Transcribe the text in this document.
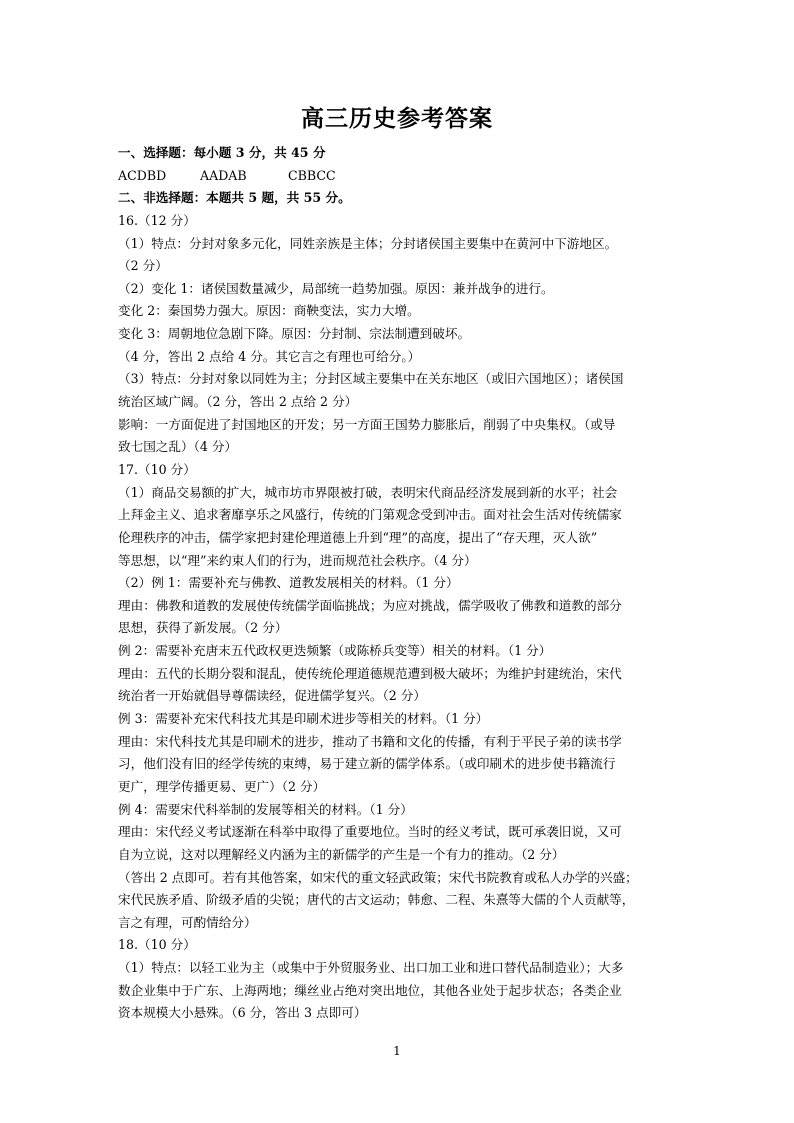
高三历史参考答案
一、选择题：每小题 3 分，共 45 分
ACDBD	AADAB	CBBCC
二、非选择题：本题共 5 题，共 55 分。
16.（12 分）
（1）特点：分封对象多元化，同姓亲族是主体；分封诸侯国主要集中在黄河中下游地区。
（2 分）
（2）变化 1：诸侯国数量减少，局部统一趋势加强。原因：兼并战争的进行。
变化 2：秦国势力强大。原因：商鞅变法，实力大增。
变化 3：周朝地位急剧下降。原因：分封制、宗法制遭到破坏。
（4 分，答出 2 点给 4 分。其它言之有理也可给分。）
（3）特点：分封对象以同姓为主；分封区域主要集中在关东地区（或旧六国地区）；诸侯国
统治区域广阔。（2 分，答出 2 点给 2 分）
影响：一方面促进了封国地区的开发；另一方面王国势力膨胀后，削弱了中央集权。（或导
致七国之乱）（4 分）
17.（10 分）
（1）商品交易额的扩大，城市坊市界限被打破，表明宋代商品经济发展到新的水平；社会
上拜金主义、追求奢靡享乐之风盛行，传统的门第观念受到冲击。面对社会生活对传统儒家
伦理秩序的冲击，儒学家把封建伦理道德上升到“理”的高度，提出了“存天理，灭人欲”
等思想，以“理”来约束人们的行为，进而规范社会秩序。（4 分）
（2）例 1：需要补充与佛教、道教发展相关的材料。（1 分）
理由：佛教和道教的发展使传统儒学面临挑战；为应对挑战，儒学吸收了佛教和道教的部分
思想，获得了新发展。（2 分）
例 2：需要补充唐末五代政权更迭频繁（或陈桥兵变等）相关的材料。（1 分）
理由：五代的长期分裂和混乱，使传统伦理道德规范遭到极大破坏；为维护封建统治，宋代
统治者一开始就倡导尊儒读经，促进儒学复兴。（2 分）
例 3：需要补充宋代科技尤其是印刷术进步等相关的材料。（1 分）
理由：宋代科技尤其是印刷术的进步，推动了书籍和文化的传播，有利于平民子弟的读书学
习，他们没有旧的经学传统的束缚，易于建立新的儒学体系。（或印刷术的进步使书籍流行
更广，理学传播更易、更广）（2 分）
例 4：需要宋代科举制的发展等相关的材料。（1 分）
理由：宋代经义考试逐渐在科举中取得了重要地位。当时的经义考试，既可承袭旧说，又可
自为立说，这对以理解经义内涵为主的新儒学的产生是一个有力的推动。（2 分）
（答出 2 点即可。若有其他答案，如宋代的重文轻武政策；宋代书院教育或私人办学的兴盛；
宋代民族矛盾、阶级矛盾的尖锐；唐代的古文运动；韩愈、二程、朱熹等大儒的个人贡献等，
言之有理，可酌情给分）
18.（10 分）
（1）特点：以轻工业为主（或集中于外贸服务业、出口加工业和进口替代品制造业）；大多
数企业集中于广东、上海两地；缫丝业占绝对突出地位，其他各业处于起步状态；各类企业
资本规模大小悬殊。（6 分，答出 3 点即可）
1
